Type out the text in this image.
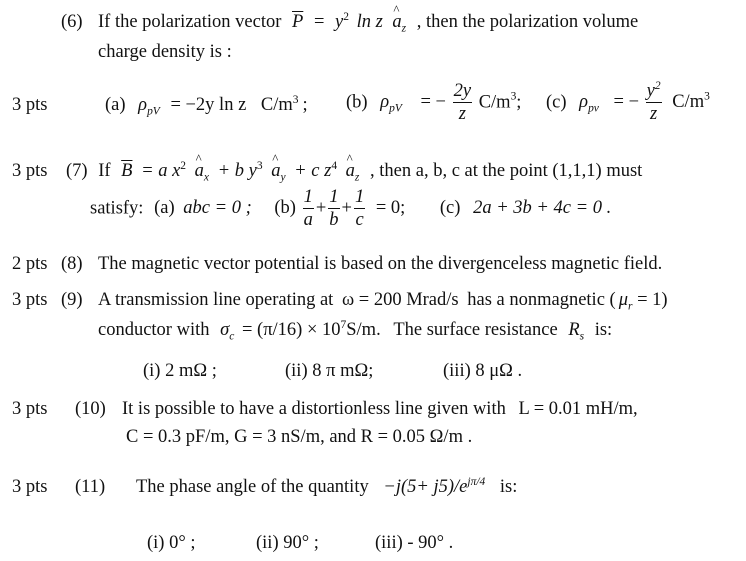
(6) If the polarization vector $\overline{P} = y^2$ ln z ^ $a_z$ , then the polarization volume
charge density is :
3 pts	(a) $\rho_{pV} = -2y$ ln z $C/m^3$ ; (b) $\rho_{pV}$ = − $\frac{2y}{z} C/m^3$; (c) $\rho_{pv}$ = − $\frac{y^2}{z} C/m^3$
3 pts (7) If $\overline{B} = a$ $x^2$ ^ $a_x + b$ $y^3$ ^ $a_y + c$ $z^4$ ^ $a_z$ , then a, b, c at the point (1,1,1) must
satisfy: (a) abc = 0 ; $(b) \frac{1}{a} + \frac{1}{b} + \frac{1}{c} = 0$; (c) 2a + 3b + 4c = 0 .
2 pts (8) The magnetic vector potential is based on the divergenceless magnetic field.
3 pts (9) A transmission line operating at ω = 200 Mrad/s has a nonmagnetic ( $\mu_r = 1$)
conductor with $\sigma_c = (\pi/16) \times 10^7S/m$. The surface resistance $R_s$ is:
(i) 2 mΩ ;	(ii) 8 π mΩ;	(iii) 8 μΩ .
3 pts (10) It is possible to have a distortionless line given with L = 0.01 mH/m,
C = 0.3 pF/m, G = 3 nS/m, and R = 0.05 Ω/m .
3 pts (11) The phase angle of the quantity $-j(5+ j5)/e^{j\pi/4}$ is:
(i) 0° ;	(ii) 90° ;	(iii) - 90° .
